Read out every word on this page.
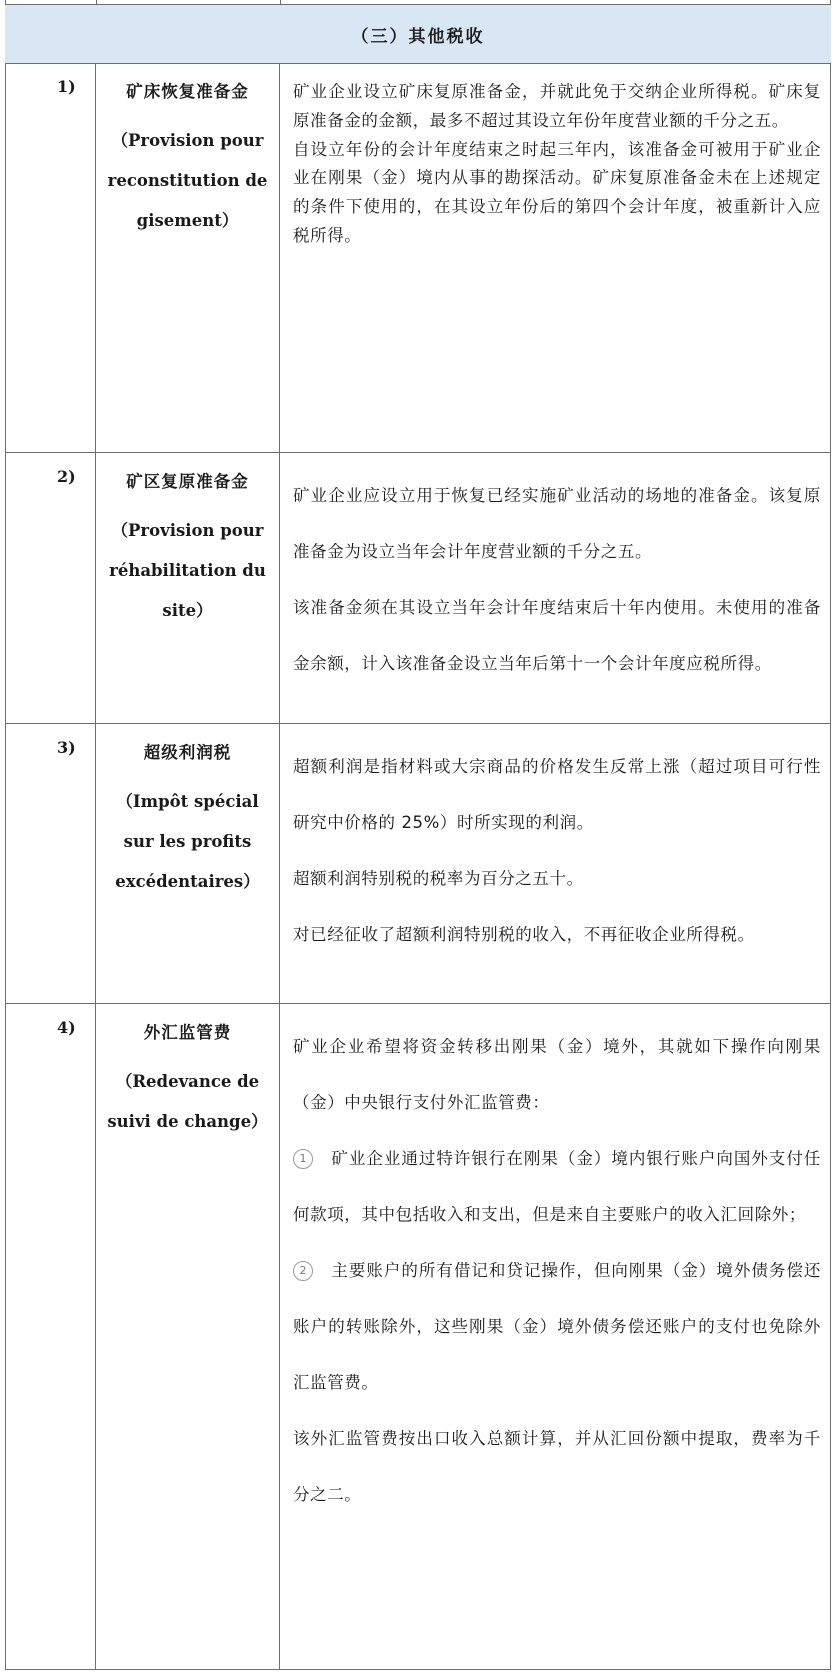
（三）其他税收
1)	矿床恢复准备金
（Provision pour reconstitution de gisement）

矿业企业设立矿床复原准备金，并就此免于交纳企业所得税。矿床复原准备金的金额，最多不超过其设立年份年度营业额的千分之五。

自设立年份的会计年度结束之时起三年内，该准备金可被用于矿业企业在刚果（金）境内从事的勘探活动。矿床复原准备金未在上述规定的条件下使用的，在其设立年份后的第四个会计年度，被重新计入应税所得。

2)	矿区复原准备金
（Provision pour réhabilitation du site）

矿业企业应设立用于恢复已经实施矿业活动的场地的准备金。该复原准备金为设立当年会计年度营业额的千分之五。

该准备金须在其设立当年会计年度结束后十年内使用。未使用的准备金余额，计入该准备金设立当年后第十一个会计年度应税所得。

3)	超级利润税
（Impôt spécial sur les profits excédentaires）

超额利润是指材料或大宗商品的价格发生反常上涨（超过项目可行性研究中价格的 25%）时所实现的利润。

超额利润特别税的税率为百分之五十。

对已经征收了超额利润特别税的收入，不再征收企业所得税。

4)	外汇监管费
（Redevance de suivi de change）

矿业企业希望将资金转移出刚果（金）境外，其就如下操作向刚果（金）中央银行支付外汇监管费：

1 矿业企业通过特许银行在刚果（金）境内银行账户向国外支付任何款项，其中包括收入和支出，但是来自主要账户的收入汇回除外；

2 主要账户的所有借记和贷记操作，但向刚果（金）境外债务偿还账户的转账除外，这些刚果（金）境外债务偿还账户的支付也免除外汇监管费。

该外汇监管费按出口收入总额计算，并从汇回份额中提取，费率为千分之二。
